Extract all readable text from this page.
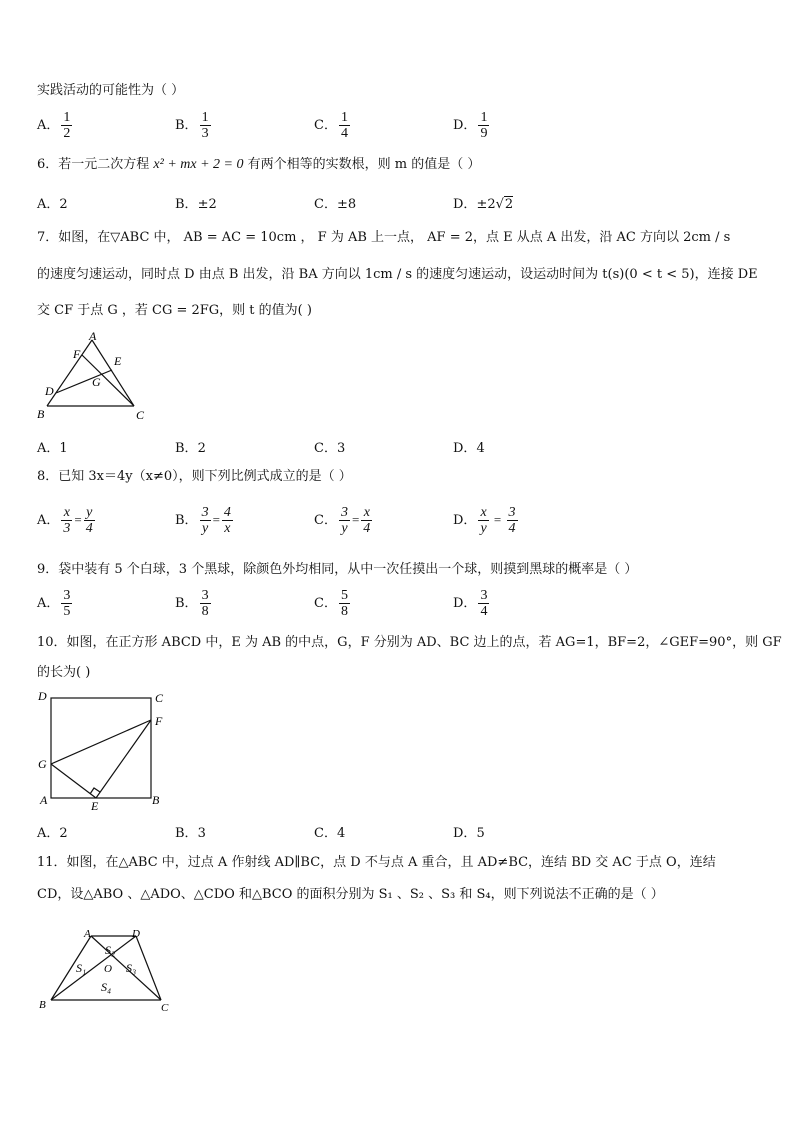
实践活动的可能性为（ ）
A． $\frac{1}{2}$	B． $\frac{1}{3}$	C． $\frac{1}{4}$	D． $\frac{1}{9}$
6．若一元二次方程 x² + mx + 2 = 0 有两个相等的实数根，则 m 的值是（ ）
A．2	B．±2	C．±8	D．±2√2
7．如图，在▽ABC 中， AB = AC = 10cm ， F 为 AB 上一点， AF = 2，点 E 从点 A 出发，沿 AC 方向以 2cm / s
的速度匀速运动，同时点 D 由点 B 出发，沿 BA 方向以 1cm / s 的速度匀速运动，设运动时间为 t(s)(0 < t < 5)，连接 DE
交 CF 于点 G ，若 CG = 2FG，则 t 的值为( )
A
F	E
G
D
B	C
A．1	B．2	C．3	D．4
8．已知 3x＝4y（x≠0），则下列比例式成立的是（ ）
A． $\frac{x}{3} = \frac{y}{4}$	B． $\frac{3}{y} = \frac{4}{x}$	C． $\frac{3}{y} = \frac{x}{4}$	D． $\frac{x}{y} = \frac{3}{4}$
9．袋中装有 5 个白球，3 个黑球，除颜色外均相同，从中一次任摸出一个球，则摸到黑球的概率是（ ）
A． $\frac{3}{5}$	B． $\frac{3}{8}$	C． $\frac{5}{8}$	D． $\frac{3}{4}$
10．如图，在正方形 ABCD 中，E 为 AB 的中点，G，F 分别为 AD、BC 边上的点，若 AG=1，BF=2，∠GEF=90°，则 GF
的长为( )
D	C
F
G
A	E	B
A．2	B．3	C．4	D．5
11．如图，在△ABC 中，过点 A 作射线 AD∥BC，点 D 不与点 A 重合，且 AD≠BC，连结 BD 交 AC 于点 O，连结
CD，设△ABO 、△ADO、△CDO 和△BCO 的面积分别为 S₁ 、S₂ 、S₃ 和 S₄，则下列说法不正确的是（ ）
A	D
S₂
S₁ O S₃
S₄
B	C
